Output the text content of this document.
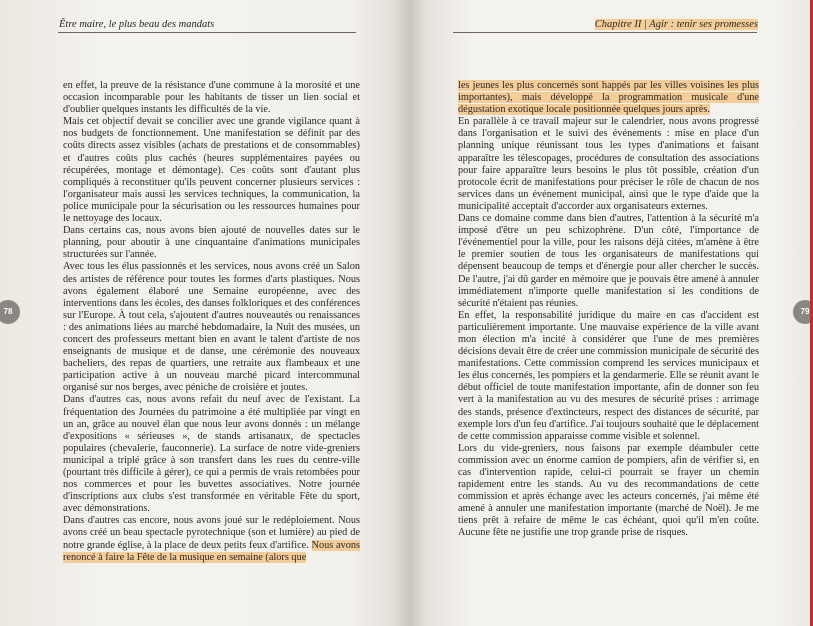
Être maire, le plus beau des mandats
78

en effet, la preuve de la résistance d'une commune à la morosité et une occasion incomparable pour les habitants de tisser un lien social et d'oublier quelques instants les difficultés de la vie.

Mais cet objectif devait se concilier avec une grande vigilance quant à nos budgets de fonctionnement. Une manifestation se définit par des coûts directs assez visibles (achats de prestations et de consommables) et d'autres coûts plus cachés (heures supplémentaires payées ou récupérées, montage et démontage). Ces coûts sont d'autant plus compliqués à reconstituer qu'ils peuvent concerner plusieurs services : l'organisateur mais aussi les services techniques, la communication, la police municipale pour la sécurisation ou les ressources humaines pour le nettoyage des locaux.

Dans certains cas, nous avons bien ajouté de nouvelles dates sur le planning, pour aboutir à une cinquantaine d'animations municipales structurées sur l'année.

Avec tous les élus passionnés et les services, nous avons créé un Salon des artistes de référence pour toutes les formes d'arts plastiques. Nous avons également élaboré une Semaine européenne, avec des interventions dans les écoles, des danses folkloriques et des conférences sur l'Europe. À tout cela, s'ajoutent d'autres nouveautés ou renaissances : des animations liées au marché hebdomadaire, la Nuit des musées, un concert des professeurs mettant bien en avant le talent d'artiste de nos enseignants de musique et de danse, une cérémonie des nouveaux bacheliers, des repas de quartiers, une retraite aux flambeaux et une participation active à un nouveau marché picard intercommunal organisé sur nos berges, avec péniche de croisière et joutes.

Dans d'autres cas, nous avons refait du neuf avec de l'existant. La fréquentation des Journées du patrimoine a été multipliée par vingt en un an, grâce au nouvel élan que nous leur avons donnés : un mélange d'expositions « sérieuses », de stands artisanaux, de spectacles populaires (chevalerie, fauconnerie). La surface de notre vide-greniers municipal a triplé grâce à son transfert dans les rues du centre-ville (pourtant très difficile à gérer), ce qui a permis de vrais retombées pour nos commerces et pour les buvettes associatives. Notre journée d'inscriptions aux clubs s'est transformée en véritable Fête du sport, avec démonstrations.

Dans d'autres cas encore, nous avons joué sur le redéploiement. Nous avons créé un beau spectacle pyrotechnique (son et lumière) au pied de notre grande église, à la place de deux petits feux d'artifice. Nous avons renoncé à faire la Fête de la musique en semaine (alors que

Chapitre II | Agir : tenir ses promesses
79

les jeunes les plus concernés sont happés par les villes voisines les plus importantes), mais développé la programmation musicale d'une dégustation exotique locale positionnée quelques jours après.

En parallèle à ce travail majeur sur le calendrier, nous avons progressé dans l'organisation et le suivi des événements : mise en place d'un planning unique réunissant tous les types d'animations et faisant apparaître les télescopages, procédures de consultation des associations pour faire apparaître leurs besoins le plus tôt possible, création d'un protocole écrit de manifestations pour préciser le rôle de chacun de nos services dans un événement municipal, ainsi que le type d'aide que la municipalité acceptait d'accorder aux organisateurs externes.

Dans ce domaine comme dans bien d'autres, l'attention à la sécurité m'a imposé d'être un peu schizophrène. D'un côté, l'importance de l'événementiel pour la ville, pour les raisons déjà citées, m'amène à être le premier soutien de tous les organisateurs de manifestations qui dépensent beaucoup de temps et d'énergie pour aller chercher le succès. De l'autre, j'ai dû garder en mémoire que je pouvais être amené à annuler immédiatement n'importe quelle manifestation si les conditions de sécurité n'étaient pas réunies.

En effet, la responsabilité juridique du maire en cas d'accident est particulièrement importante. Une mauvaise expérience de la ville avant mon élection m'a incité à considérer que l'une de mes premières décisions devait être de créer une commission municipale de sécurité des manifestations. Cette commission comprend les services municipaux et les élus concernés, les pompiers et la gendarmerie. Elle se réunit avant le début officiel de toute manifestation importante, afin de donner son feu vert à la manifestation au vu des mesures de sécurité prises : arrimage des stands, présence d'extincteurs, respect des distances de sécurité, par exemple lors d'un feu d'artifice. J'ai toujours souhaité que le déplacement de cette commission apparaisse comme visible et solennel.

Lors du vide-greniers, nous faisons par exemple déambuler cette commission avec un énorme camion de pompiers, afin de vérifier si, en cas d'intervention rapide, celui-ci pourrait se frayer un chemin rapidement entre les stands. Au vu des recommandations de cette commission et après échange avec les acteurs concernés, j'ai même été amené à annuler une manifestation importante (marché de Noël). Je me tiens prêt à refaire de même le cas échéant, quoi qu'il m'en coûte. Aucune fête ne justifie une trop grande prise de risques.
